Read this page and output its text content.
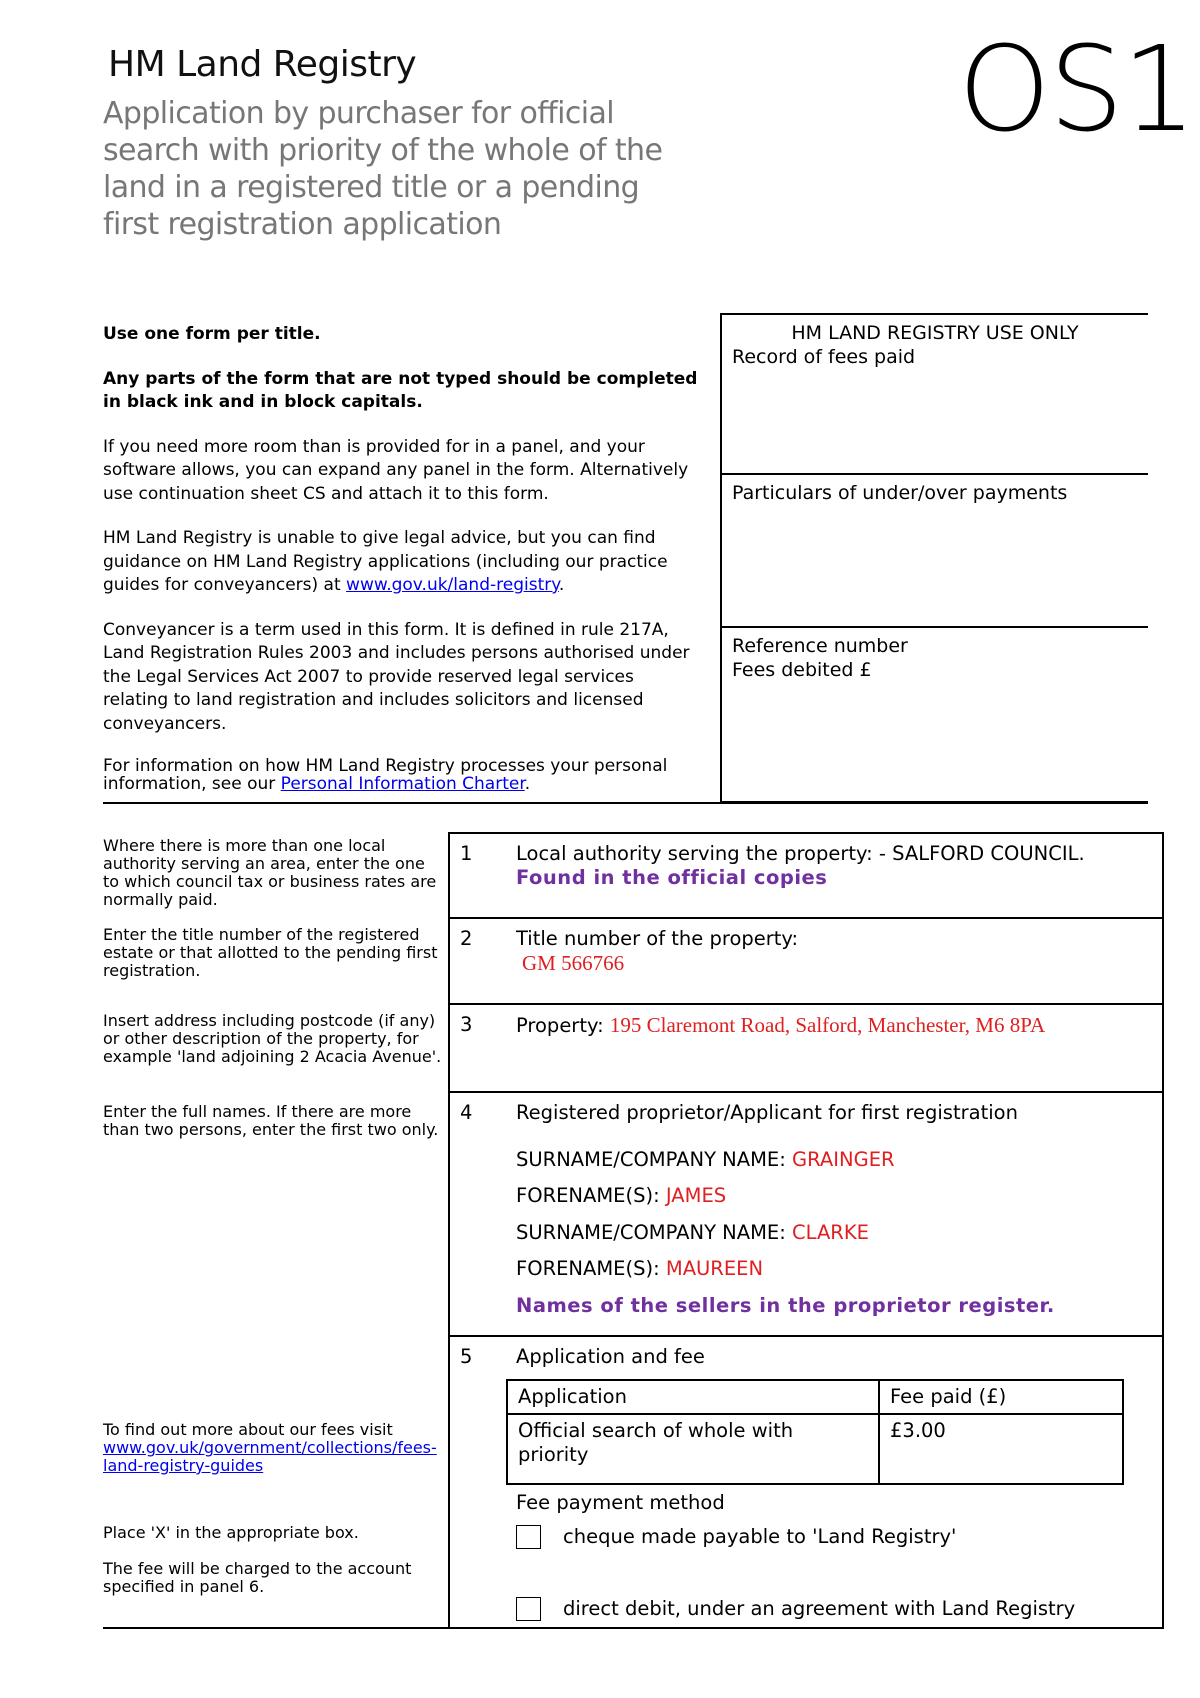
HM Land Registry
Application by purchaser for official search with priority of the whole of the land in a registered title or a pending first registration application
OS1

Use one form per title.

Any parts of the form that are not typed should be completed in black ink and in block capitals.

If you need more room than is provided for in a panel, and your software allows, you can expand any panel in the form. Alternatively use continuation sheet CS and attach it to this form.

HM Land Registry is unable to give legal advice, but you can find guidance on HM Land Registry applications (including our practice guides for conveyancers) at www.gov.uk/land-registry.

Conveyancer is a term used in this form. It is defined in rule 217A, Land Registration Rules 2003 and includes persons authorised under the Legal Services Act 2007 to provide reserved legal services relating to land registration and includes solicitors and licensed conveyancers.

For information on how HM Land Registry processes your personal information, see our Personal Information Charter.

HM LAND REGISTRY USE ONLY
Record of fees paid
Particulars of under/over payments
Reference number
Fees debited £
Where there is more than one local authority serving an area, enter the one to which council tax or business rates are normally paid.
Enter the title number of the registered estate or that allotted to the pending first registration.
Insert address including postcode (if any) or other description of the property, for example 'land adjoining 2 Acacia Avenue'.
Enter the full names. If there are more than two persons, enter the first two only.
To find out more about our fees visit www.gov.uk/government/collections/fees-land-registry-guides
Place 'X' in the appropriate box.
The fee will be charged to the account specified in panel 6.
1 Local authority serving the property: - SALFORD COUNCIL.
Found in the official copies
2 Title number of the property:
GM 566766
3 Property: 195 Claremont Road, Salford, Manchester, M6 8PA
4 Registered proprietor/Applicant for first registration
SURNAME/COMPANY NAME: GRAINGER
FORENAME(S): JAMES
SURNAME/COMPANY NAME: CLARKE
FORENAME(S): MAUREEN
Names of the sellers in the proprietor register.
5 Application and fee
Application	Fee paid (£)
Official search of whole with priority	£3.00
Fee payment method
cheque made payable to 'Land Registry'
direct debit, under an agreement with Land Registry
